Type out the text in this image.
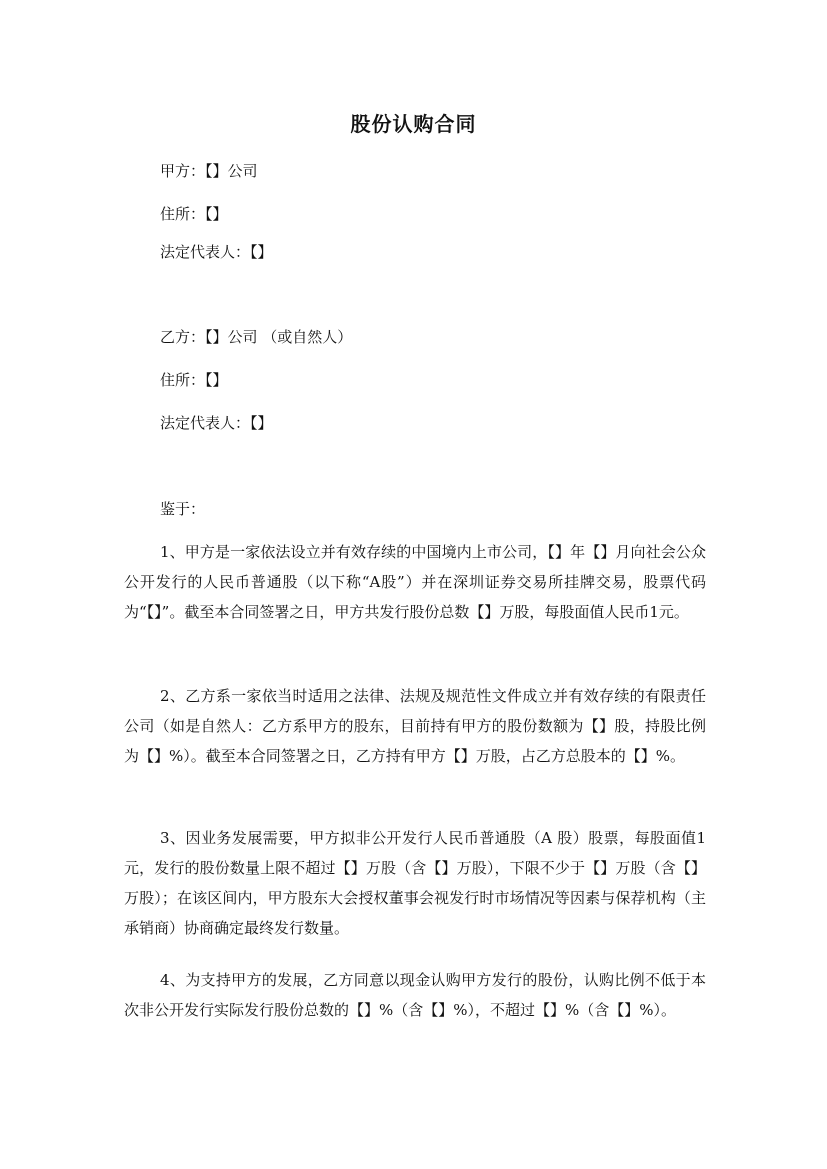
股份认购合同
甲方：【】公司
住所：【】
法定代表人：【】
乙方：【】公司 （或自然人）
住所：【】
法定代表人：【】
鉴于：

1、甲方是一家依法设立并有效存续的中国境内上市公司，【】年【】月向社会公众公开发行的人民币普通股（以下称“A股”）并在深圳证券交易所挂牌交易，股票代码为“【】”。截至本合同签署之日，甲方共发行股份总数【】万股，每股面值人民币1元。

2、乙方系一家依当时适用之法律、法规及规范性文件成立并有效存续的有限责任公司（如是自然人：乙方系甲方的股东，目前持有甲方的股份数额为【】股，持股比例为【】%）。截至本合同签署之日，乙方持有甲方【】万股，占乙方总股本的【】%。

3、因业务发展需要，甲方拟非公开发行人民币普通股（A 股）股票，每股面值1元，发行的股份数量上限不超过【】万股（含【】万股），下限不少于【】万股（含【】万股）；在该区间内，甲方股东大会授权董事会视发行时市场情况等因素与保荐机构（主承销商）协商确定最终发行数量。

4、为支持甲方的发展，乙方同意以现金认购甲方发行的股份，认购比例不低于本次非公开发行实际发行股份总数的【】%（含【】%），不超过【】%（含【】%）。
